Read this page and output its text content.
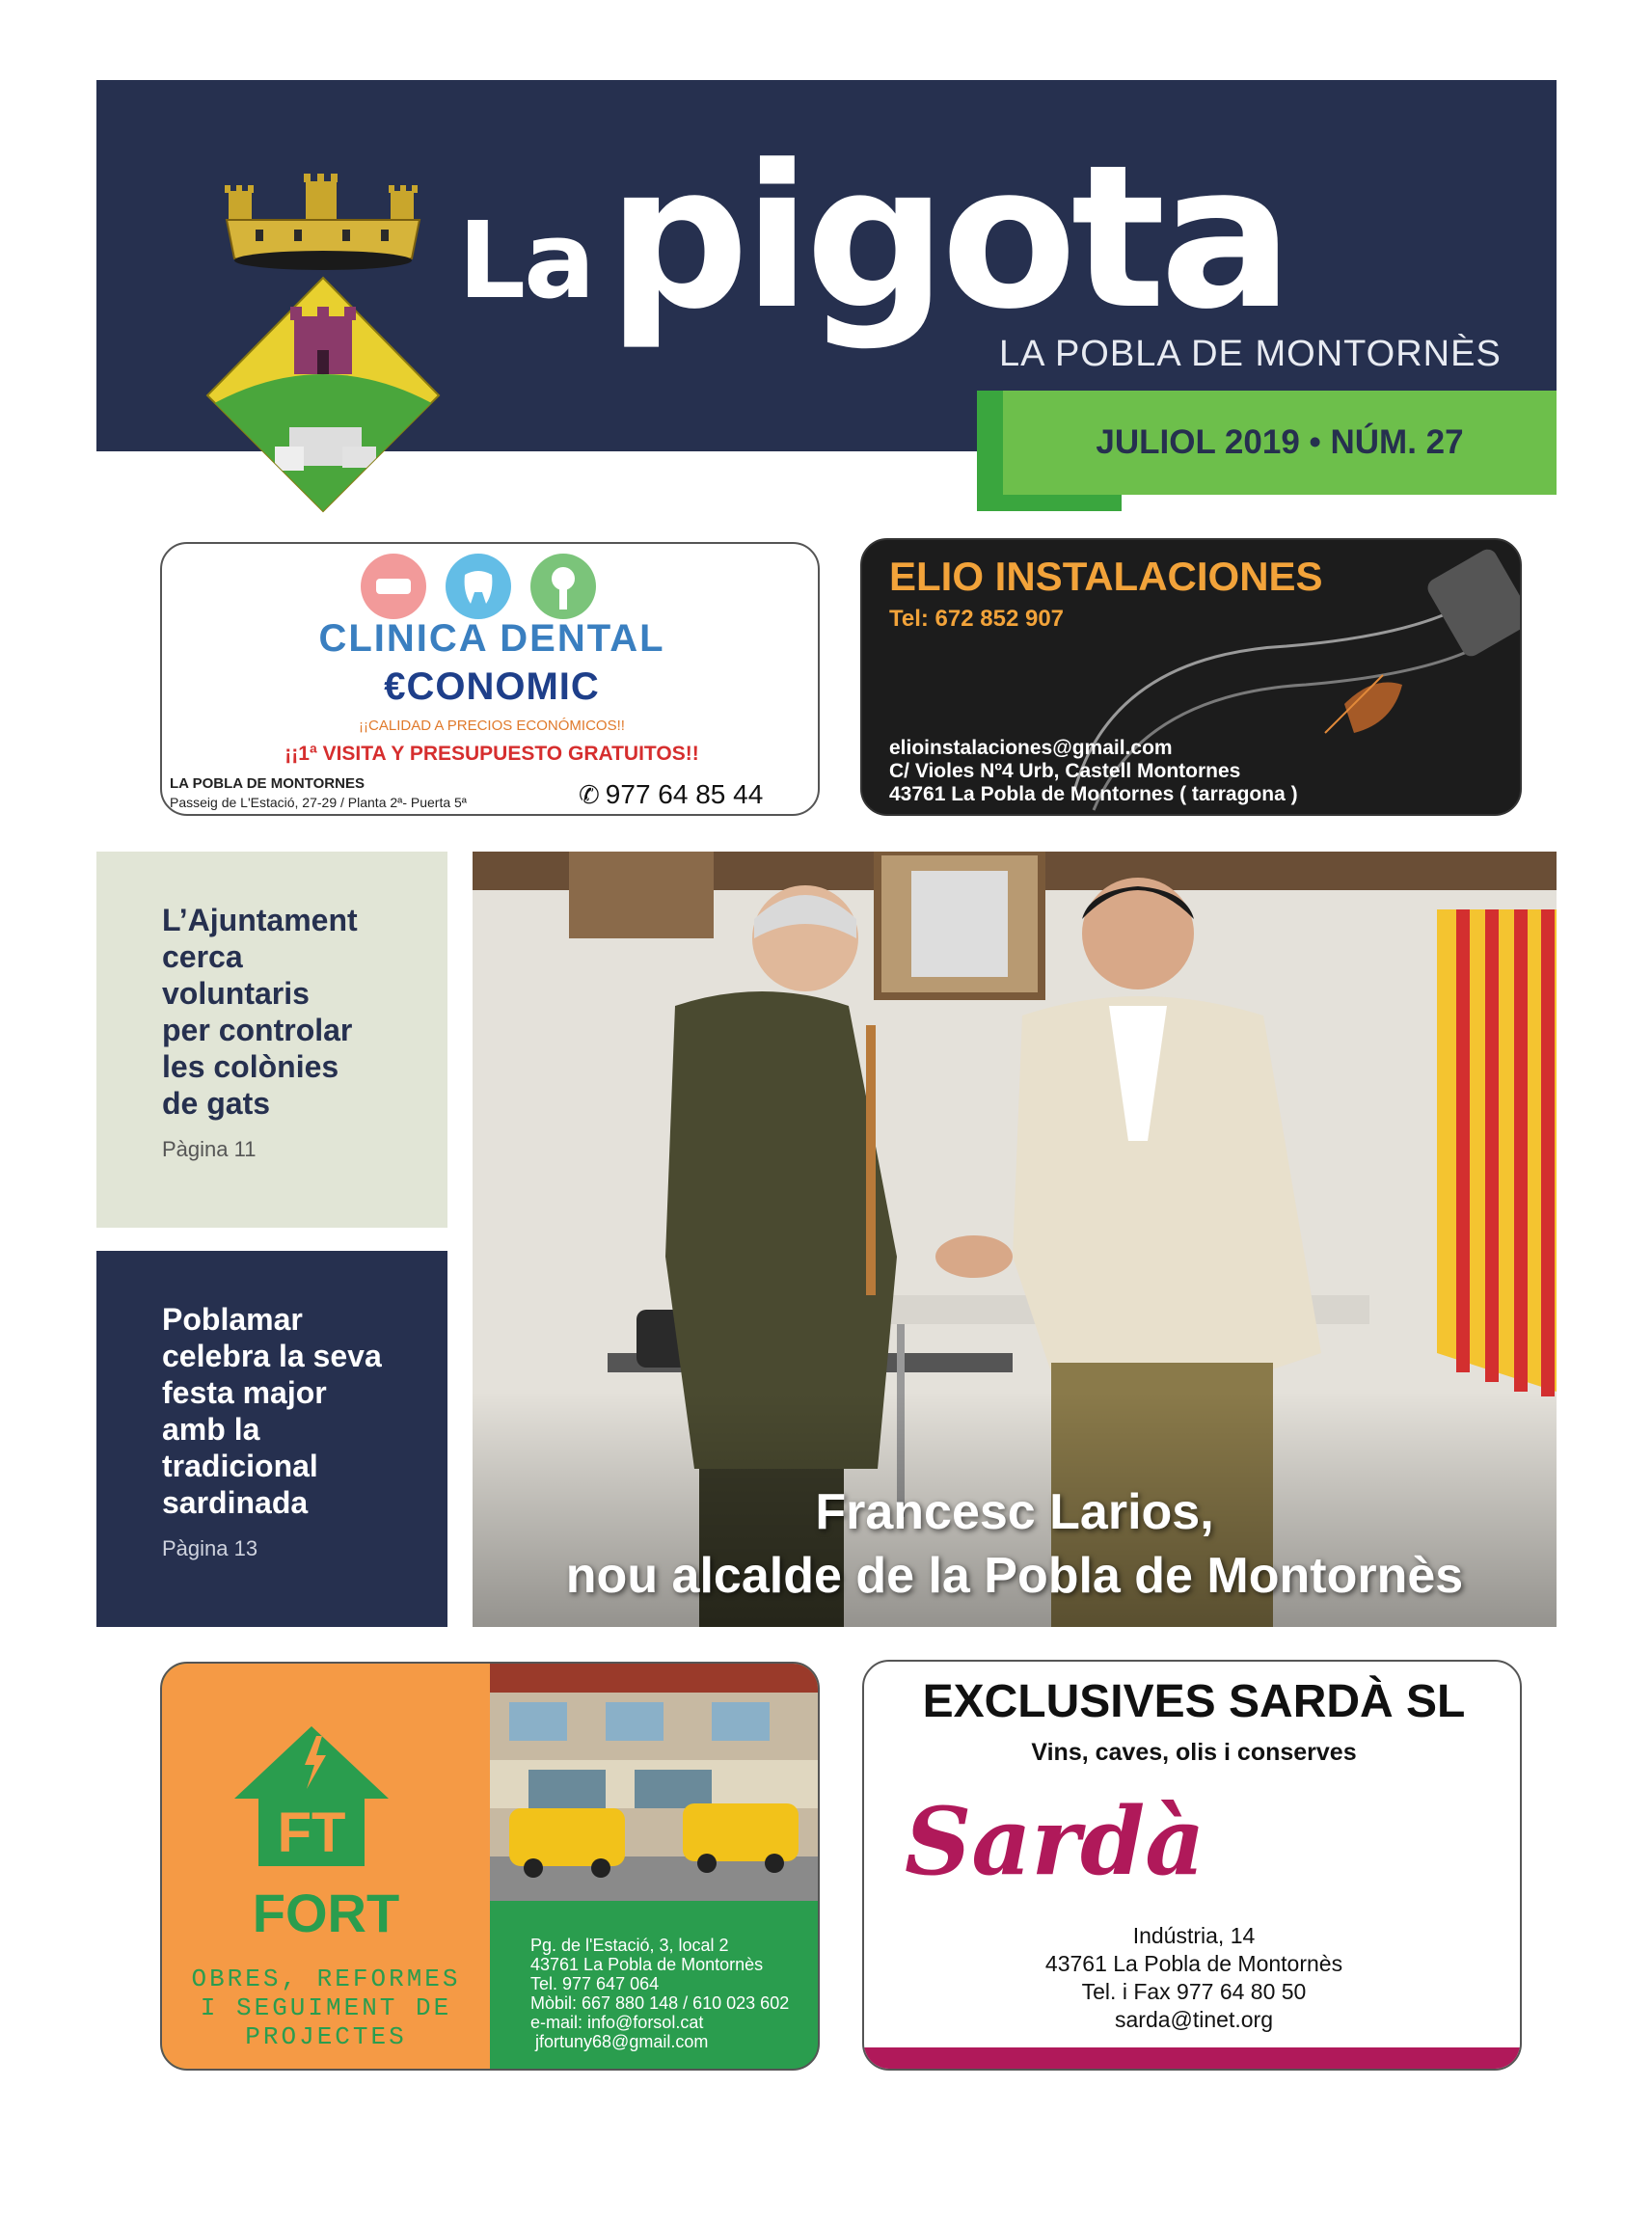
La pigota
LA POBLA DE MONTORNÈS
JULIOL 2019 • NÚM. 27
CLINICA DENTAL
€CONOMIC
¡¡CALIDAD A PRECIOS ECONÓMICOS!!
¡¡1ª VISITA Y PRESUPUESTO GRATUITOS!!
LA POBLA DE MONTORNES
Passeig de L'Estació, 27-29 / Planta 2ª- Puerta 5ª	✆ 977 64 85 44
ELIO INSTALACIONES
Tel: 672 852 907
elioinstalaciones@gmail.com
C/ Violes Nº4 Urb, Castell Montornes
43761 La Pobla de Montornes ( tarragona )
L’Ajuntament
cerca
voluntaris
per controlar
les colònies
de gats
Pàgina 11
Poblamar
celebra la seva
festa major
amb la
tradicional
sardinada
Pàgina 13
Francesc Larios,
nou alcalde de la Pobla de Montornès
FT
FORT
OBRES, REFORMES
I SEGUIMENT DE
PROJECTES
Pg. de l'Estació, 3, local 2
43761 La Pobla de Montornès
Tel. 977 647 064
Mòbil: 667 880 148 / 610 023 602
e-mail: info@forsol.cat
jfortuny68@gmail.com
EXCLUSIVES SARDÀ SL
Vins, caves, olis i conserves
Sardà
Indústria, 14
43761 La Pobla de Montornès
Tel. i Fax 977 64 80 50
sarda@tinet.org
